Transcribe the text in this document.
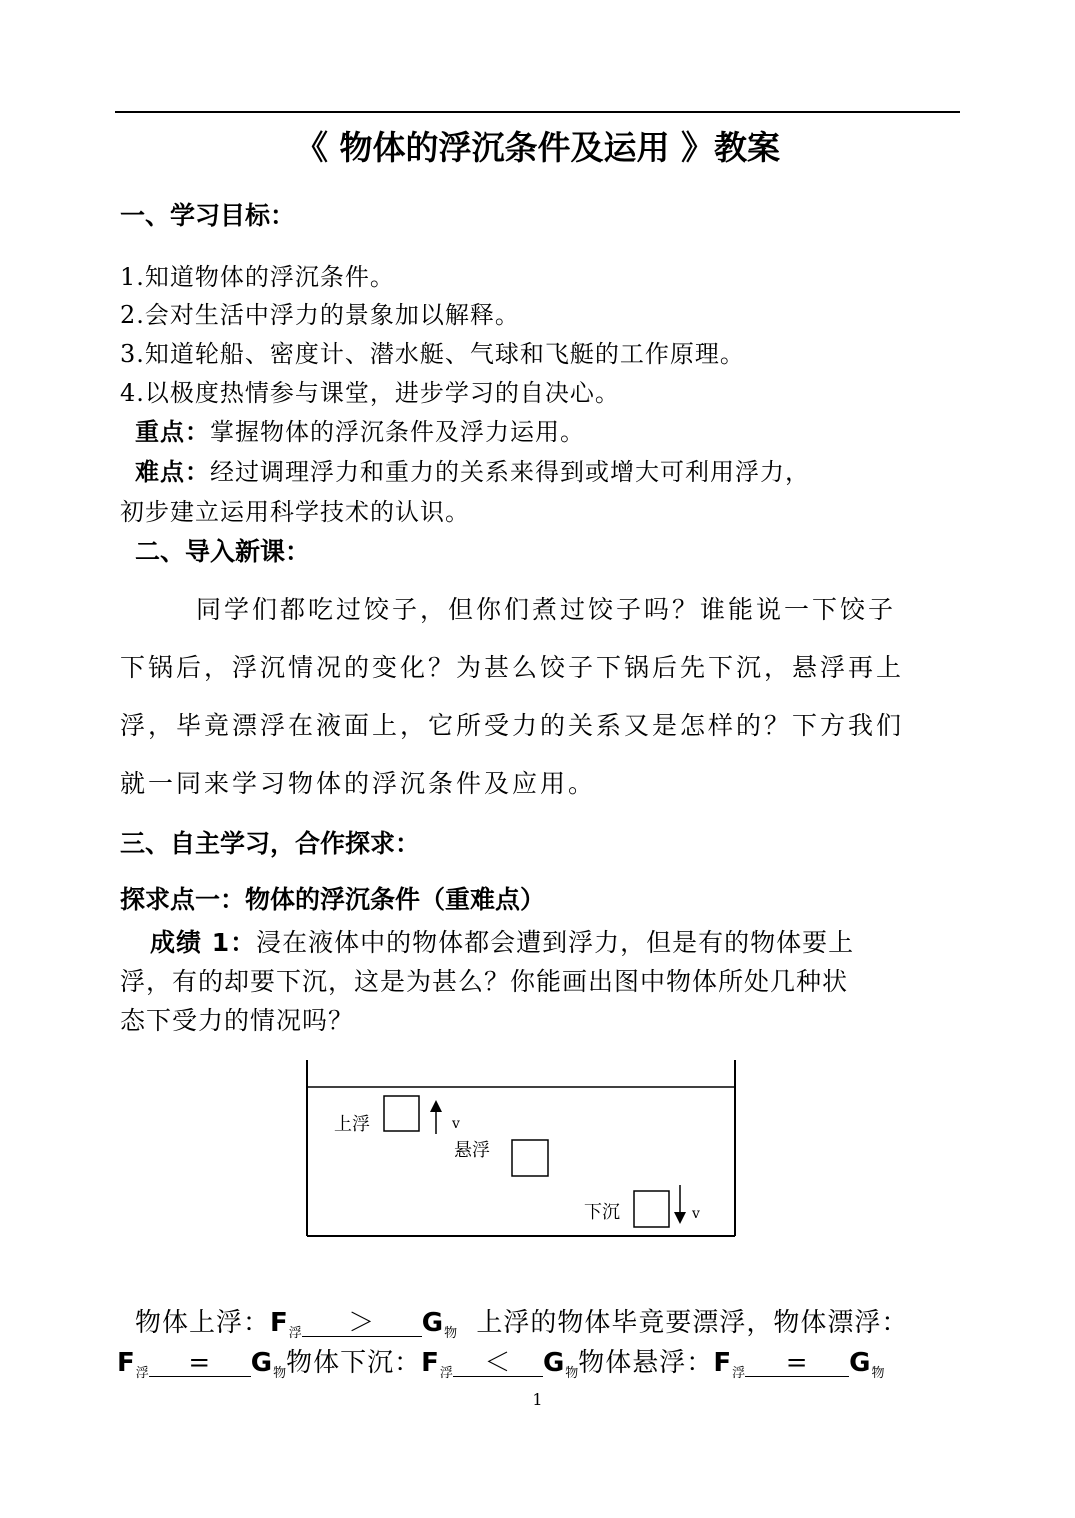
《 物体的浮沉条件及运用 》教案
一、学习目标：
1.知道物体的浮沉条件。
2.会对生活中浮力的景象加以解释。
3.知道轮船、密度计、潜水艇、气球和飞艇的工作原理。
4.以极度热情参与课堂，进步学习的自决心。
重点：掌握物体的浮沉条件及浮力运用。
难点：经过调理浮力和重力的关系来得到或增大可利用浮力，
初步建立运用科学技术的认识。
二、导入新课：
同学们都吃过饺子，但你们煮过饺子吗？谁能说一下饺子
下锅后，浮沉情况的变化？为甚么饺子下锅后先下沉，悬浮再上
浮，毕竟漂浮在液面上，它所受力的关系又是怎样的？下方我们
就一同来学习物体的浮沉条件及应用。
三、自主学习，合作探求：
探求点一：物体的浮沉条件（重难点）
成绩 1：浸在液体中的物体都会遭到浮力，但是有的物体要上
浮，有的却要下沉，这是为甚么？你能画出图中物体所处几种状
态下受力的情况吗？
上浮	v
悬浮
下沉	v
物体上浮：$F_浮 > G_物$ 上浮的物体毕竟要漂浮，物体漂浮：
$F_浮 = G_物$物体下沉：$F_浮 < G_物$物体悬浮：$F_浮 = G_物$
1
